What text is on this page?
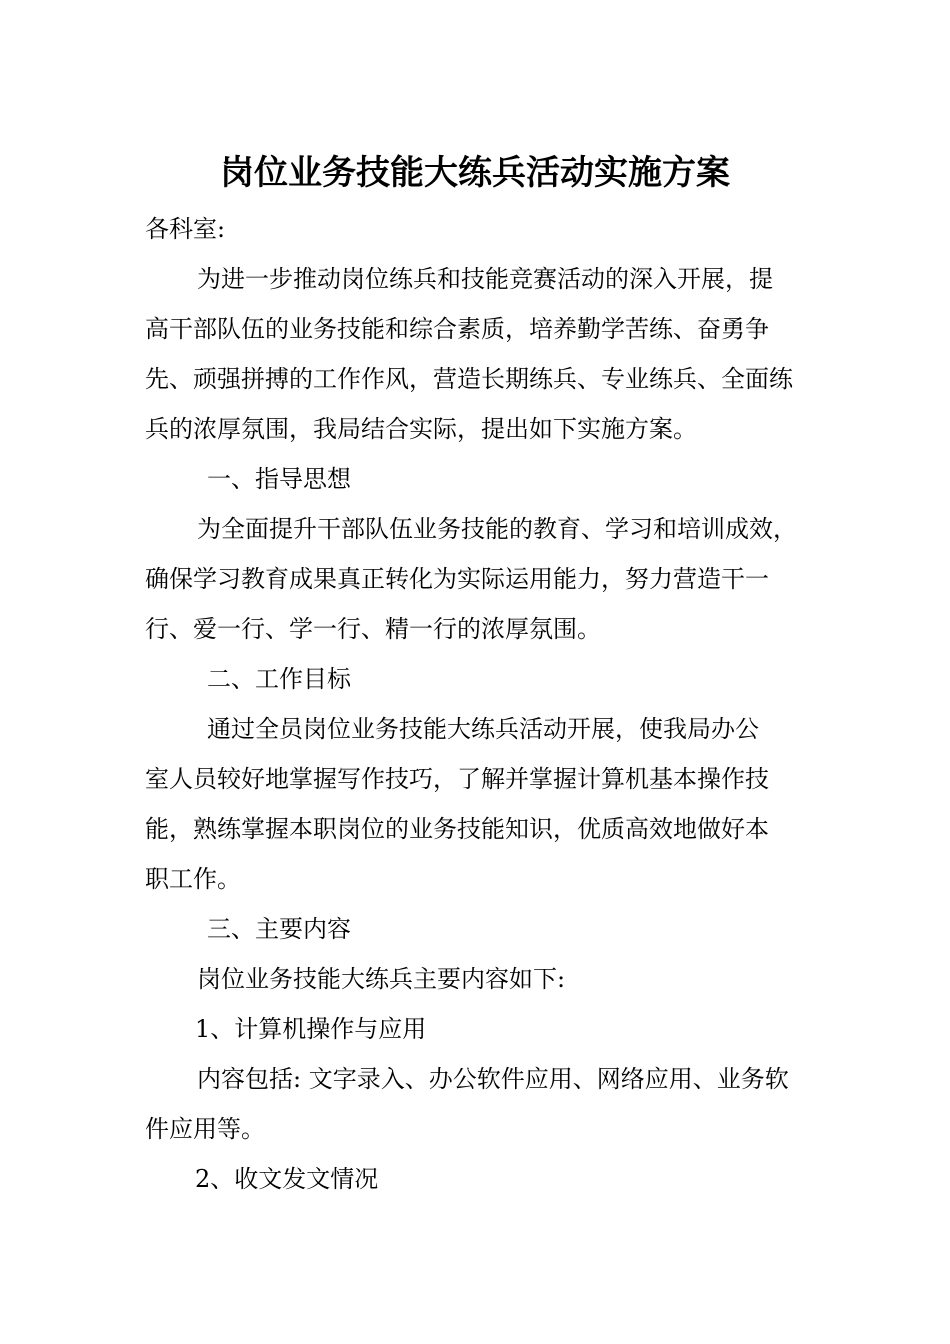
岗位业务技能大练兵活动实施方案

各科室:

为进一步推动岗位练兵和技能竞赛活动的深入开展，提
高干部队伍的业务技能和综合素质，培养勤学苦练、奋勇争
先、顽强拼搏的工作作风，营造长期练兵、专业练兵、全面练
兵的浓厚氛围，我局结合实际，提出如下实施方案。

一、指导思想

为全面提升干部队伍业务技能的教育、学习和培训成效，
确保学习教育成果真正转化为实际运用能力，努力营造干一
行、爱一行、学一行、精一行的浓厚氛围。

二、工作目标

通过全员岗位业务技能大练兵活动开展，使我局办公
室人员较好地掌握写作技巧，了解并掌握计算机基本操作技
能，熟练掌握本职岗位的业务技能知识，优质高效地做好本
职工作。

三、主要内容

岗位业务技能大练兵主要内容如下:

1、计算机操作与应用

内容包括: 文字录入、办公软件应用、网络应用、业务软
件应用等。

2、收文发文情况
